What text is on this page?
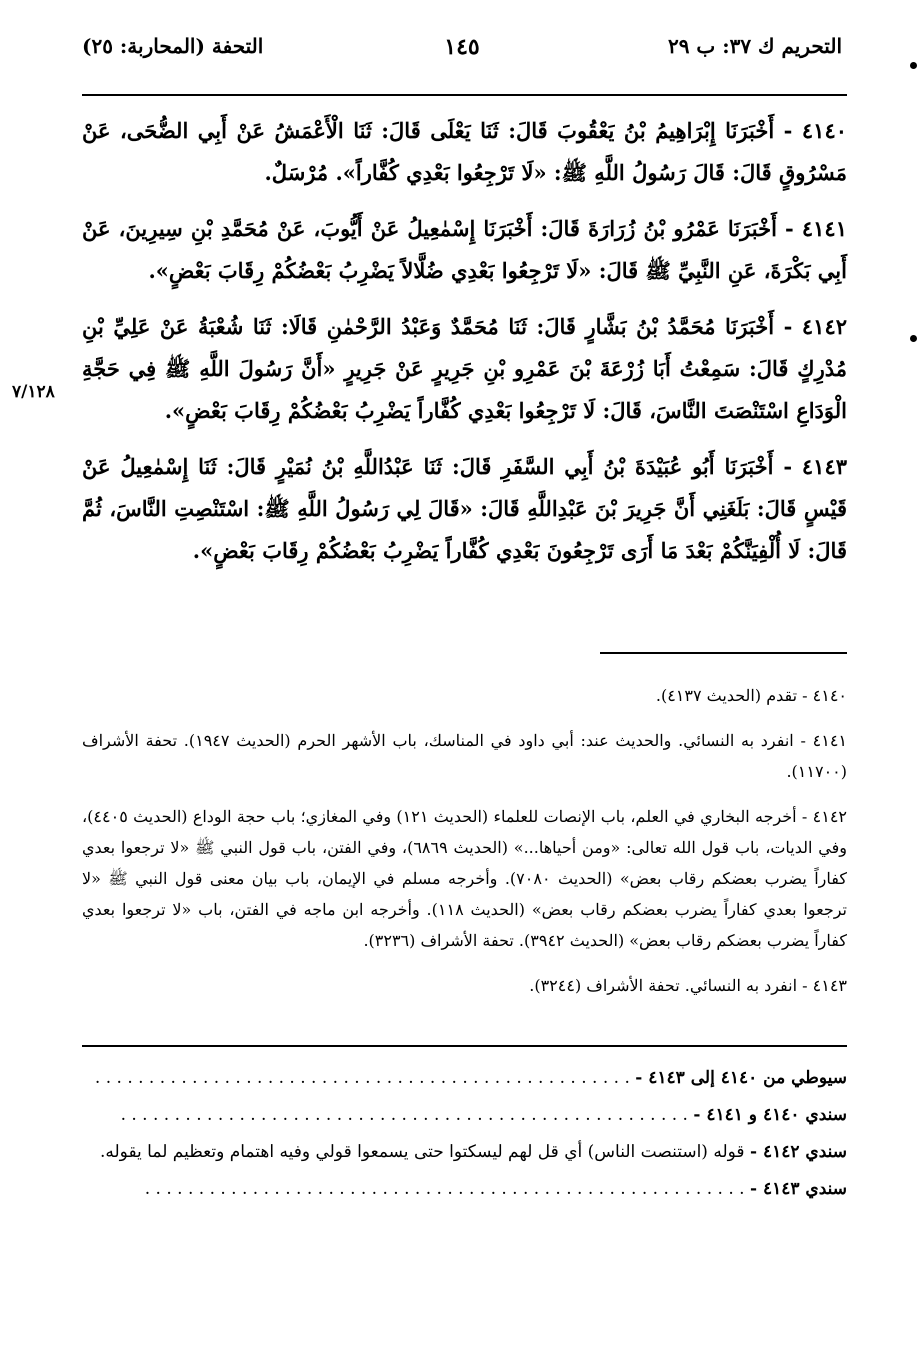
التحريم ك ٣٧: ب ٢٩
١٤٥
التحفة (المحاربة: ٢٥)
٧/١٢٨

٤١٤٠ - أَخْبَرَنَا إِبْرَاهِيمُ بْنُ يَعْقُوبَ قَالَ: ثَنَا يَعْلَى قَالَ: ثَنَا الْأَعْمَشُ عَنْ أَبِي الضُّحَى، عَنْ مَسْرُوقٍ قَالَ: قَالَ رَسُولُ اللَّهِ ﷺ: «لَا تَرْجِعُوا بَعْدِي كُفَّاراً». مُرْسَلٌ.

٤١٤١ - أَخْبَرَنَا عَمْرُو بْنُ زُرَارَةَ قَالَ: أَخْبَرَنَا إِسْمٰعِيلُ عَنْ أَيُّوبَ، عَنْ مُحَمَّدِ بْنِ سِيرِينَ، عَنْ أَبِي بَكْرَةَ، عَنِ النَّبِيِّ ﷺ قَالَ: «لَا تَرْجِعُوا بَعْدِي ضُلَّالاً يَضْرِبُ بَعْضُكُمْ رِقَابَ بَعْضٍ».

٤١٤٢ - أَخْبَرَنَا مُحَمَّدُ بْنُ بَشَّارٍ قَالَ: ثَنَا مُحَمَّدٌ وَعَبْدُ الرَّحْمٰنِ قَالَا: ثَنَا شُعْبَةُ عَنْ عَلِيِّ بْنِ مُدْرِكٍ قَالَ: سَمِعْتُ أَبَا زُرْعَةَ بْنَ عَمْرِو بْنِ جَرِيرٍ عَنْ جَرِيرٍ «أَنَّ رَسُولَ اللَّهِ ﷺ فِي حَجَّةِ الْوَدَاعِ اسْتَنْصَتَ النَّاسَ، قَالَ: لَا تَرْجِعُوا بَعْدِي كُفَّاراً يَضْرِبُ بَعْضُكُمْ رِقَابَ بَعْضٍ».

٤١٤٣ - أَخْبَرَنَا أَبُو عُبَيْدَةَ بْنُ أَبِي السَّفَرِ قَالَ: ثَنَا عَبْدُاللَّهِ بْنُ نُمَيْرٍ قَالَ: ثَنَا إِسْمٰعِيلُ عَنْ قَيْسٍ قَالَ: بَلَغَنِي أَنَّ جَرِيرَ بْنَ عَبْدِاللَّهِ قَالَ: «قَالَ لِي رَسُولُ اللَّهِ ﷺ: اسْتَنْصِتِ النَّاسَ، ثُمَّ قَالَ: لَا أُلْفِيَنَّكُمْ بَعْدَ مَا أَرَى تَرْجِعُونَ بَعْدِي كُفَّاراً يَضْرِبُ بَعْضُكُمْ رِقَابَ بَعْضٍ».

٤١٤٠ - تقدم (الحديث ٤١٣٧).

٤١٤١ - انفرد به النسائي. والحديث عند: أبي داود في المناسك، باب الأشهر الحرم (الحديث ١٩٤٧). تحفة الأشراف (١١٧٠٠).

٤١٤٢ - أخرجه البخاري في العلم، باب الإنصات للعلماء (الحديث ١٢١) وفي المغازي؛ باب حجة الوداع (الحديث ٤٤٠٥)، وفي الديات، باب قول الله تعالى: «ومن أحياها...» (الحديث ٦٨٦٩)، وفي الفتن، باب قول النبي ﷺ «لا ترجعوا بعدي كفاراً يضرب بعضكم رقاب بعض» (الحديث ٧٠٨٠). وأخرجه مسلم في الإيمان، باب بيان معنى قول النبي ﷺ «لا ترجعوا بعدي كفاراً يضرب بعضكم رقاب بعض» (الحديث ١١٨). وأخرجه ابن ماجه في الفتن، باب «لا ترجعوا بعدي كفاراً يضرب بعضكم رقاب بعض» (الحديث ٣٩٤٢). تحفة الأشراف (٣٢٣٦).

٤١٤٣ - انفرد به النسائي. تحفة الأشراف (٣٢٤٤).

سيوطي من ٤١٤٠ إلى ٤١٤٣ - . . . . . . . . . . . . . . . . . . . . . . . . . . . . . . . . . . . . . . . . . . . . . . . . . .
سندي ٤١٤٠ و ٤١٤١ - . . . . . . . . . . . . . . . . . . . . . . . . . . . . . . . . . . . . . . . . . . . . . . . . . . . . .
سندي ٤١٤٢ - قوله (استنصت الناس) أي قل لهم ليسكتوا حتى يسمعوا قولي وفيه اهتمام وتعظيم لما يقوله.
سندي ٤١٤٣ - . . . . . . . . . . . . . . . . . . . . . . . . . . . . . . . . . . . . . . . . . . . . . . . . . . . . . . . .
